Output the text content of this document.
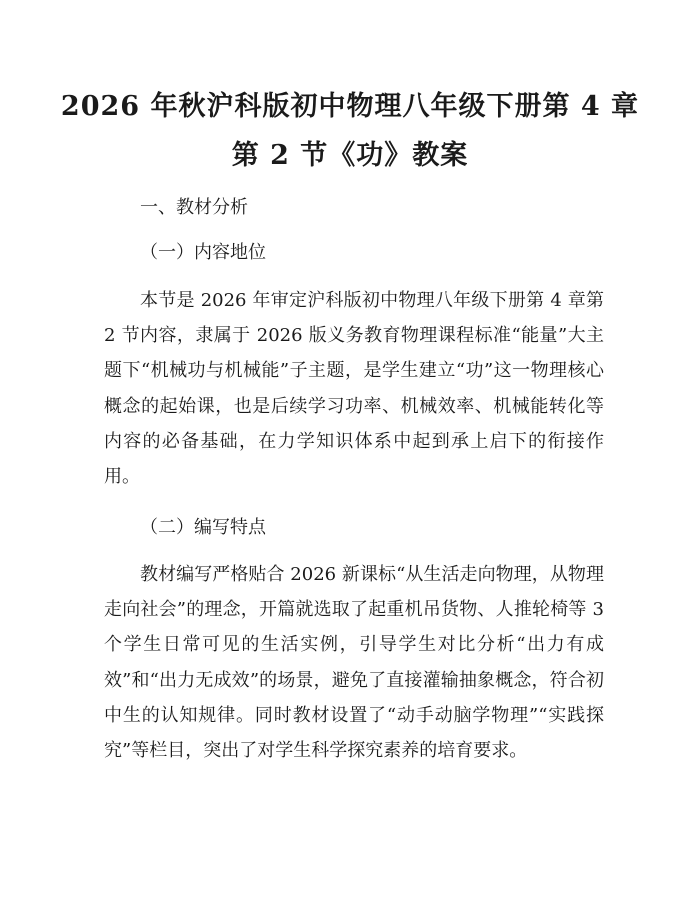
2026 年秋沪科版初中物理八年级下册第 4 章
第 2 节《功》教案
一、教材分析
（一）内容地位
本节是 2026 年审定沪科版初中物理八年级下册第 4 章第 2 节内容，隶属于 2026 版义务教育物理课程标准“能量”大主题下“机械功与机械能”子主题，是学生建立“功”这一物理核心概念的起始课，也是后续学习功率、机械效率、机械能转化等内容的必备基础，在力学知识体系中起到承上启下的衔接作用。
（二）编写特点
教材编写严格贴合 2026 新课标“从生活走向物理，从物理走向社会”的理念，开篇就选取了起重机吊货物、人推轮椅等 3 个学生日常可见的生活实例，引导学生对比分析“出力有成效”和“出力无成效”的场景，避免了直接灌输抽象概念，符合初中生的认知规律。同时教材设置了“动手动脑学物理”“实践探究”等栏目，突出了对学生科学探究素养的培育要求。
